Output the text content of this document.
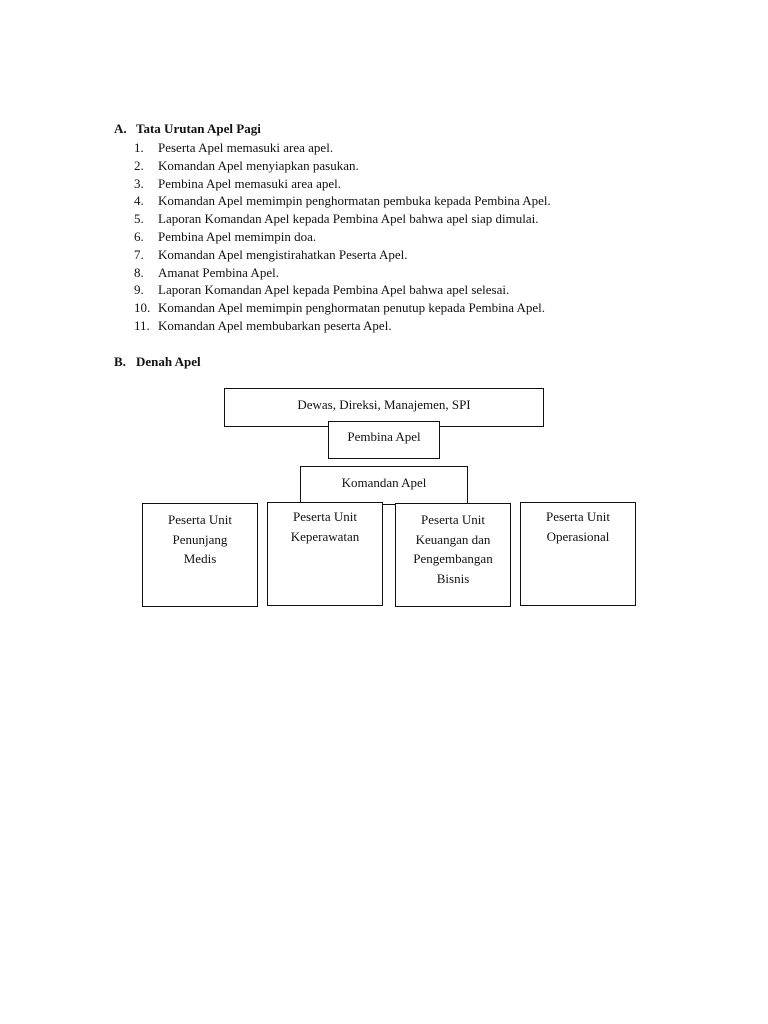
A. Tata Urutan Apel Pagi
1. Peserta Apel memasuki area apel.
2. Komandan Apel menyiapkan pasukan.
3. Pembina Apel memasuki area apel.
4. Komandan Apel memimpin penghormatan pembuka kepada Pembina Apel.
5. Laporan Komandan Apel kepada Pembina Apel bahwa apel siap dimulai.
6. Pembina Apel memimpin doa.
7. Komandan Apel mengistirahatkan Peserta Apel.
8. Amanat Pembina Apel.
9. Laporan Komandan Apel kepada Pembina Apel bahwa apel selesai.
10. Komandan Apel memimpin penghormatan penutup kepada Pembina Apel.
11. Komandan Apel membubarkan peserta Apel.
B. Denah Apel
Dewas, Direksi, Manajemen, SPI
Pembina Apel
Komandan Apel
Peserta Unit
Penunjang
Medis
Peserta Unit
Keperawatan
Peserta Unit
Keuangan dan
Pengembangan
Bisnis
Peserta Unit
Operasional
